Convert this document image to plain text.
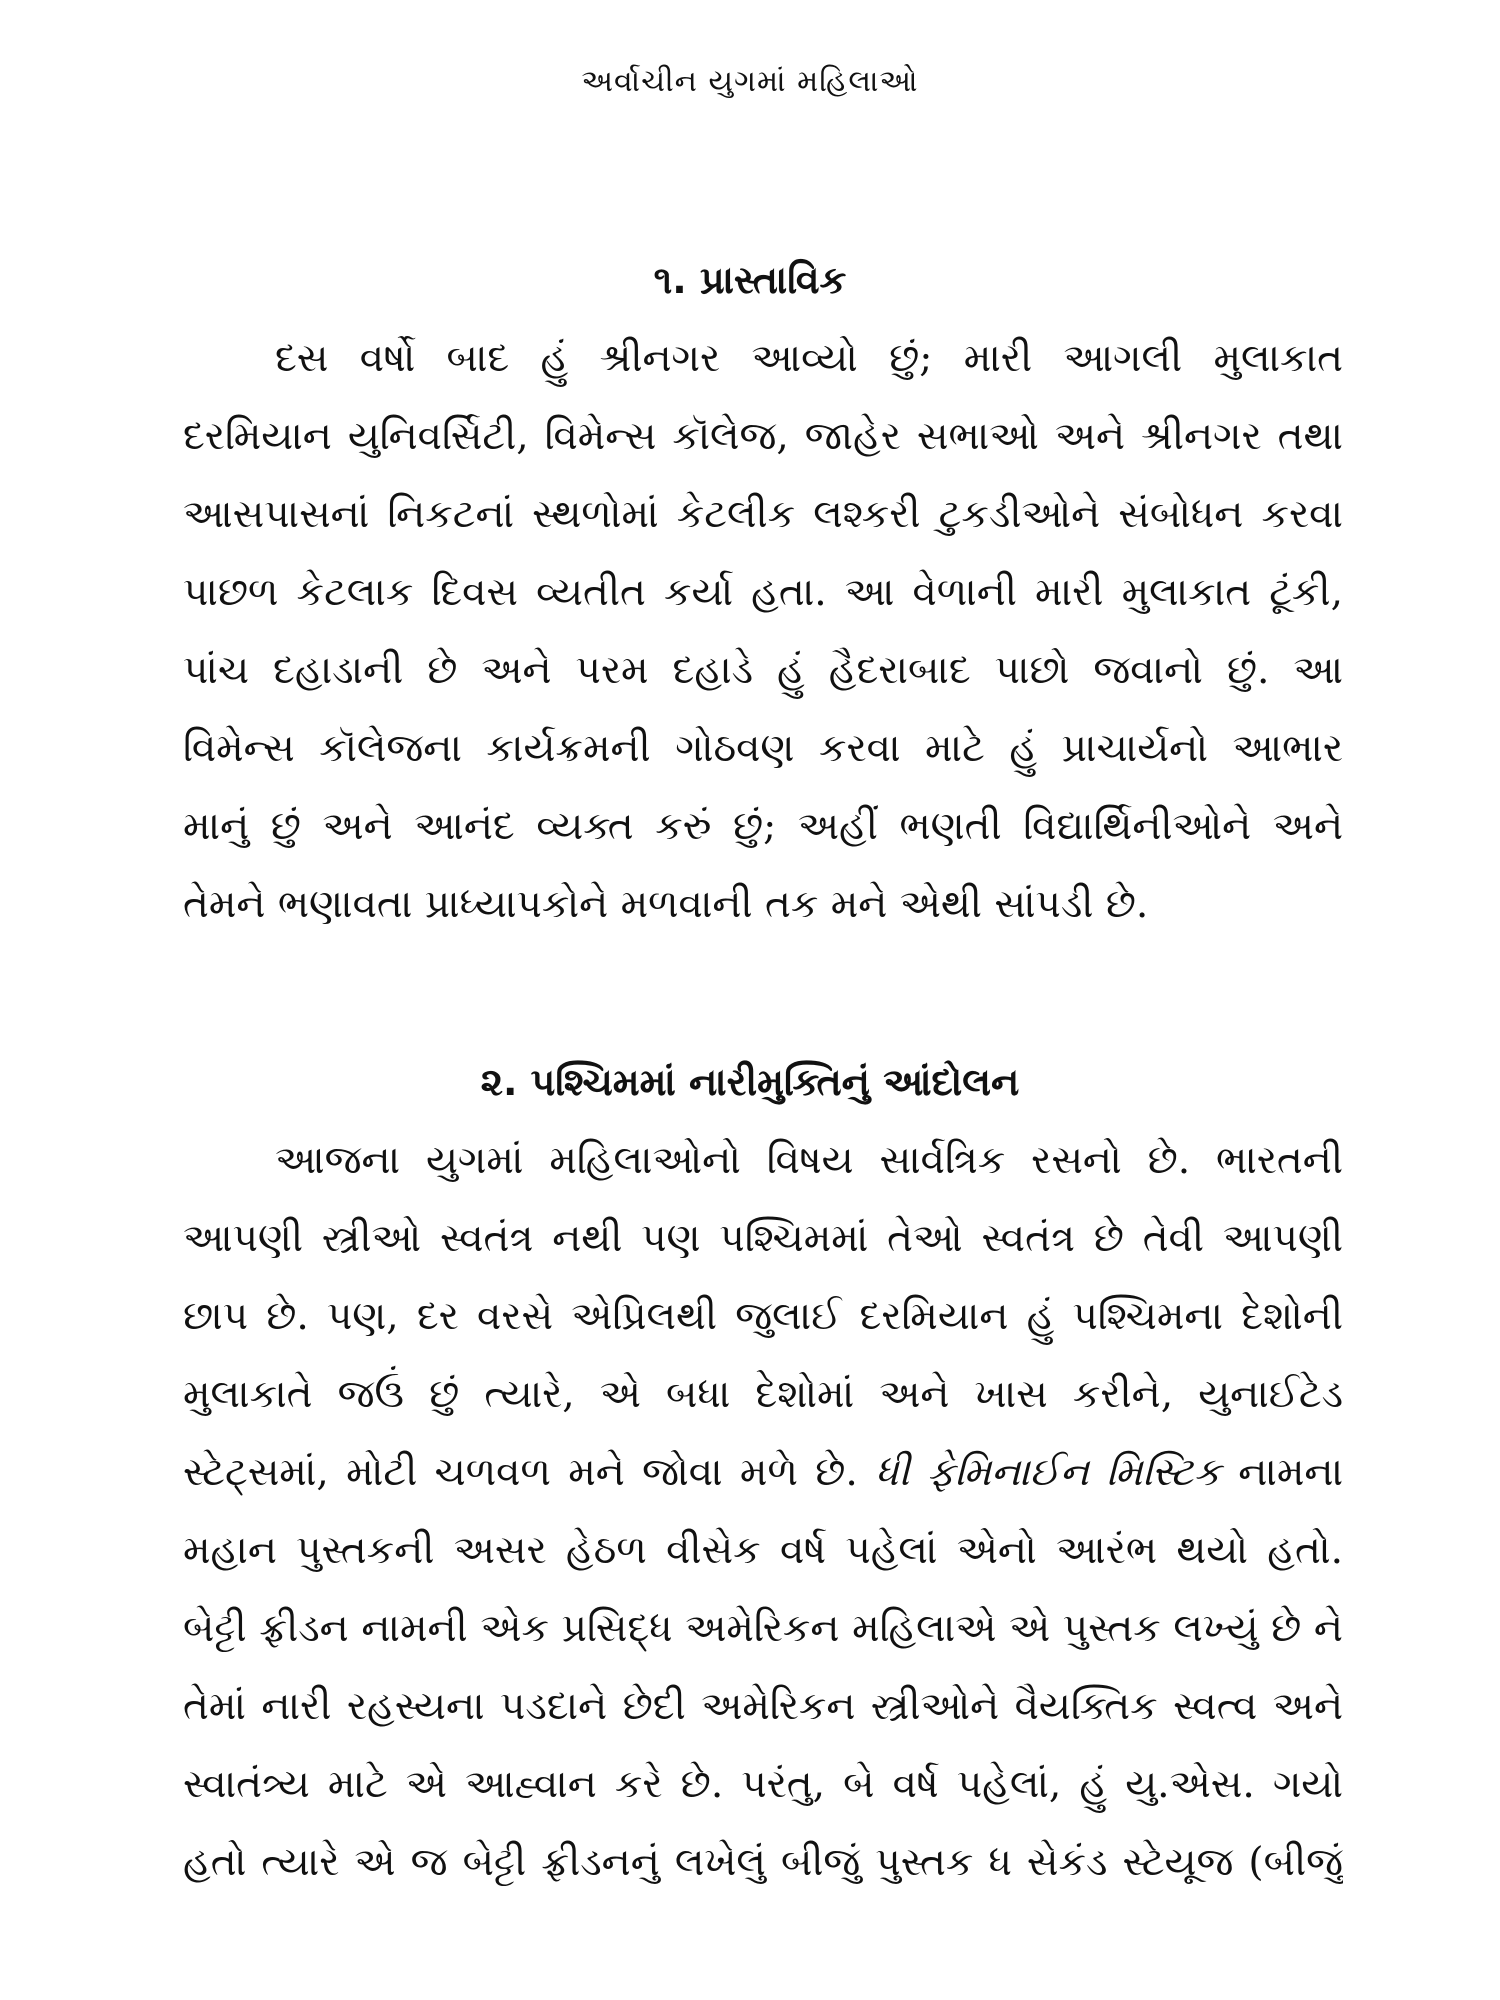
અર્વાચીન યુગમાં મહિલાઓ
૧. પ્રાસ્તાવિક
દસ વર્ષો બાદ હું શ્રીનગર આવ્યો છું; મારી આગલી મુલાકાત
દરમિયાન યુનિવર્સિટી, વિમેન્સ કૉલેજ, જાહેર સભાઓ અને શ્રીનગર તથા
આસપાસનાં નિકટનાં સ્થળોમાં કેટલીક લશ્કરી ટુકડીઓને સંબોધન કરવા
પાછળ કેટલાક દિવસ વ્યતીત કર્યા હતા. આ વેળાની મારી મુલાકાત ટૂંકી,
પાંચ દહાડાની છે અને પરમ દહાડે હું હૈદરાબાદ પાછો જવાનો છું. આ
વિમેન્સ કૉલેજના કાર્યક્રમની ગોઠવણ કરવા માટે હું પ્રાચાર્યનો આભાર
માનું છું અને આનંદ વ્યક્ત કરું છું; અહીં ભણતી વિદ્યાર્થિનીઓને અને
તેમને ભણાવતા પ્રાધ્યાપકોને મળવાની તક મને એથી સાંપડી છે.
૨. પશ્ચિમમાં નારીમુક્તિનું આંદોલન
આજના યુગમાં મહિલાઓનો વિષય સાર્વત્રિક રસનો છે. ભારતની
આપણી સ્ત્રીઓ સ્વતંત્ર નથી પણ પશ્ચિમમાં તેઓ સ્વતંત્ર છે તેવી આપણી
છાપ છે. પણ, દર વરસે એપ્રિલથી જુલાઈ દરમિયાન હું પશ્ચિમના દેશોની
મુલાકાતે જઉં છું ત્યારે, એ બધા દેશોમાં અને ખાસ કરીને, યુનાઈટેડ
સ્ટેટ્સમાં, મોટી ચળવળ મને જોવા મળે છે. ધી ફેમિનાઈન મિસ્ટિક નામના
મહાન પુસ્તકની અસર હેઠળ વીસેક વર્ષ પહેલાં એનો આરંભ થયો હતો.
બેટ્ટી ફ્રીડન નામની એક પ્રસિદ્ધ અમેરિકન મહિલાએ એ પુસ્તક લખ્યું છે ને
તેમાં નારી રહસ્યના પડદાને છેદી અમેરિકન સ્ત્રીઓને વૈયક્તિક સ્વત્વ અને
સ્વાતંત્ર્ય માટે એ આહ્વાન કરે છે. પરંતુ, બે વર્ષ પહેલાં, હું યુ.એસ. ગયો
હતો ત્યારે એ જ બેટ્ટી ફ્રીડનનું લખેલું બીજું પુસ્તક ધ સેકંડ સ્ટેયૂજ (બીજું
